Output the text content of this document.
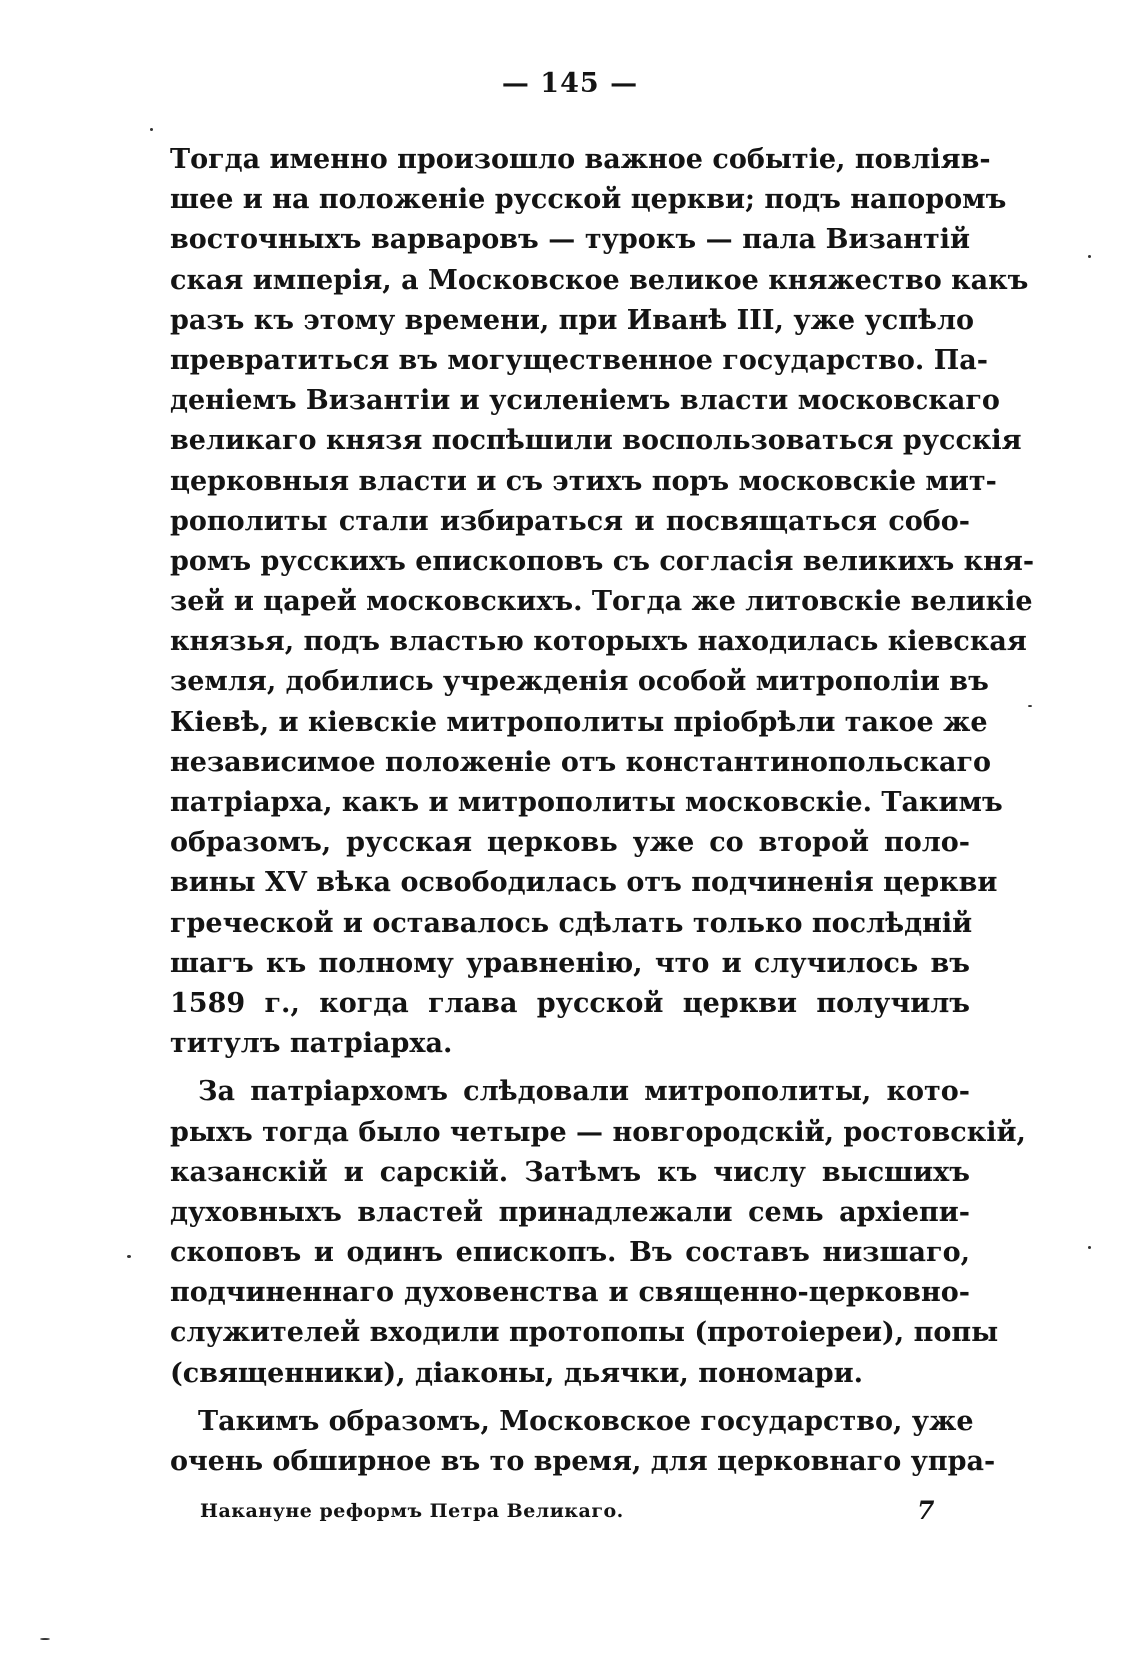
— 145 —
Тогда именно произошло важное событіе, повліяв-
шее и на положеніе русской церкви; подъ напоромъ
восточныхъ варваровъ — турокъ — пала Византій
ская имперія, а Московское великое княжество какъ
разъ къ этому времени, при Иванѣ III, уже успѣло
превратиться въ могущественное государство. Па-
деніемъ Византіи и усиленіемъ власти московскаго
великаго князя поспѣшили воспользоваться русскія
церковныя власти и съ этихъ поръ московскіе мит-
рополиты стали избираться и посвящаться собо-
ромъ русскихъ епископовъ съ согласія великихъ кня-
зей и царей московскихъ. Тогда же литовскіе великіе
князья, подъ властью которыхъ находилась кіевская
земля, добились учрежденія особой митрополіи въ
Кіевѣ, и кіевскіе митрополиты пріобрѣли такое же
независимое положеніе отъ константинопольскаго
патріарха, какъ и митрополиты московскіе. Такимъ
образомъ, русская церковь уже со второй поло-
вины XV вѣка освободилась отъ подчиненія церкви
греческой и оставалось сдѣлать только послѣдній
шагъ къ полному уравненію, что и случилось въ
1589 г., когда глава русской церкви получилъ
титулъ патріарха.
За патріархомъ слѣдовали митрополиты, кото-
рыхъ тогда было четыре — новгородскій, ростовскій,
казанскій и сарскій. Затѣмъ къ числу высшихъ
духовныхъ властей принадлежали семь архіепи-
скоповъ и одинъ епископъ. Въ составъ низшаго,
подчиненнаго духовенства и священно-церковно-
служителей входили протопопы (протоіереи), попы
(священники), діаконы, дьячки, пономари.
Такимъ образомъ, Московское государство, уже
очень обширное въ то время, для церковнаго упра-
Накануне реформъ Петра Великаго.	7
